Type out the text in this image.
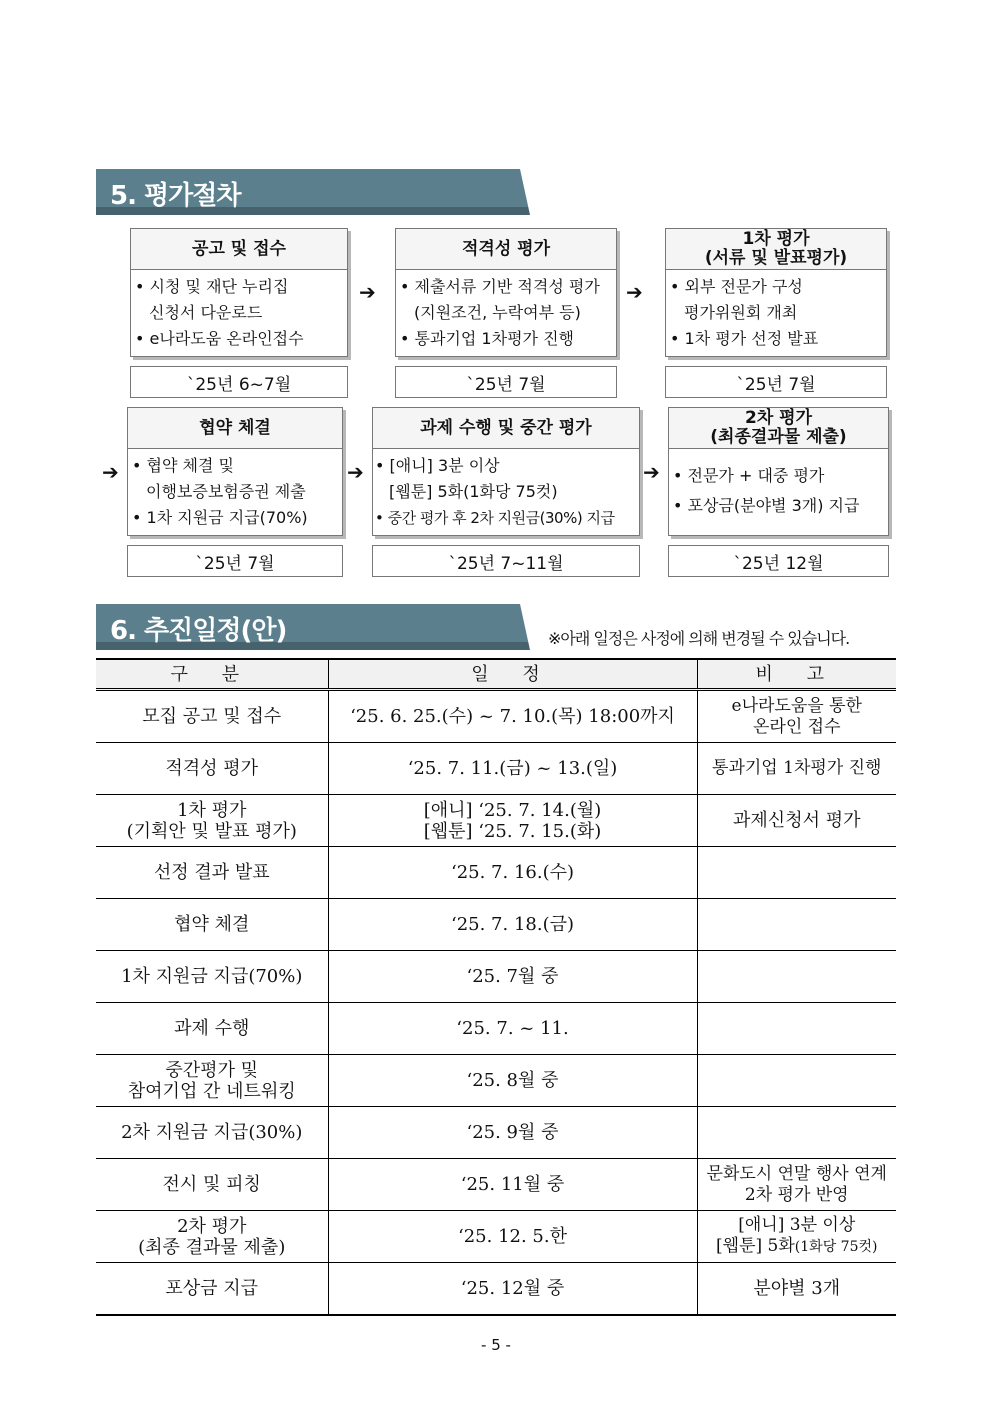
5. 평가절차
공고 및 접수
• 시청 및 재단 누리집
신청서 다운로드
• e나라도움 온라인접수
`25년 6~7월
➔
적격성 평가
• 제출서류 기반 적격성 평가
(지원조건, 누락여부 등)
• 통과기업 1차평가 진행
`25년 7월
➔
1차 평가
(서류 및 발표평가)
• 외부 전문가 구성
평가위원회 개최
• 1차 평가 선정 발표
`25년 7월
➔
협약 체결
• 협약 체결 및
이행보증보험증권 제출
• 1차 지원금 지급(70%)
`25년 7월
➔
과제 수행 및 중간 평가
• [애니] 3분 이상
[웹툰] 5화(1화당 75컷)
• 중간 평가 후 2차 지원금(30%) 지급
`25년 7~11월
➔
2차 평가
(최종결과물 제출)
• 전문가 + 대중 평가
• 포상금(분야별 3개) 지급
`25년 12월
6. 추진일정(안)	※아래 일정은 사정에 의해 변경될 수 있습니다.
구 분	일 정	비 고
모집 공고 및 접수	‘25. 6. 25.(수) ~ 7. 10.(목) 18:00까지	e나라도움을 통한
온라인 접수
적격성 평가	‘25. 7. 11.(금) ~ 13.(일)	통과기업 1차평가 진행
1차 평가
(기획안 및 발표 평가)	[애니] ‘25. 7. 14.(월)
[웹툰] ‘25. 7. 15.(화)	과제신청서 평가
선정 결과 발표	‘25. 7. 16.(수)	
협약 체결	‘25. 7. 18.(금)	
1차 지원금 지급(70%)	‘25. 7월 중	
과제 수행	‘25. 7. ~ 11.	
중간평가 및
참여기업 간 네트워킹	‘25. 8월 중	
2차 지원금 지급(30%)	‘25. 9월 중	
전시 및 피칭	‘25. 11월 중	문화도시 연말 행사 연계
2차 평가 반영
2차 평가
(최종 결과물 제출)	‘25. 12. 5.한	[애니] 3분 이상
[웹툰] 5화(1화당 75컷)
포상금 지급	‘25. 12월 중	분야별 3개
- 5 -
